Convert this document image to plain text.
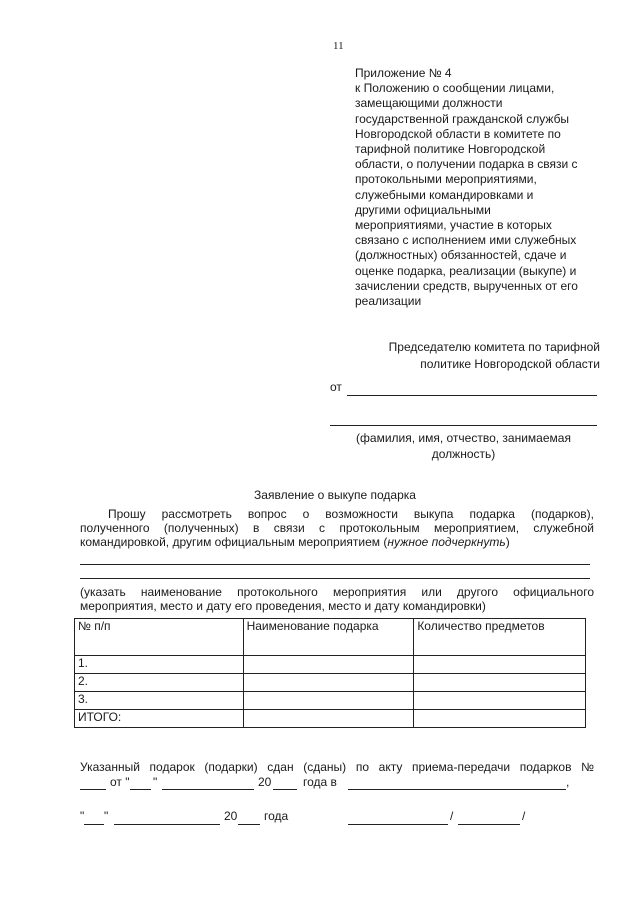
11
Приложение № 4
к Положению о сообщении лицами,
замещающими должности
государственной гражданской службы
Новгородской области в комитете по
тарифной политике Новгородской
области, о получении подарка в связи с
протокольными мероприятиями,
служебными командировками и
другими официальными
мероприятиями, участие в которых
связано с исполнением ими служебных
(должностных) обязанностей, сдаче и
оценке подарка, реализации (выкупе) и
зачислении средств, вырученных от его
реализации
Председателю комитета по тарифной
политике Новгородской области
от
(фамилия, имя, отчество, занимаемая
должность)
Заявление о выкупе подарка
Прошу рассмотреть вопрос о возможности выкупа подарка (подарков),
полученного (полученных) в связи с протокольным мероприятием, служебной
командировкой, другим официальным мероприятием (нужное подчеркнуть)
(указать наименование протокольного мероприятия или другого официального
мероприятия, место и дату его проведения, место и дату командировки)
№ п/п	Наименование подарка	Количество предметов
1.		
2.		
3.		
ИТОГО:		
Указанный подарок (подарки) сдан (сданы) по акту приема-передачи подарков №
от " "	20	года в	,
" "	20 года	/	/
